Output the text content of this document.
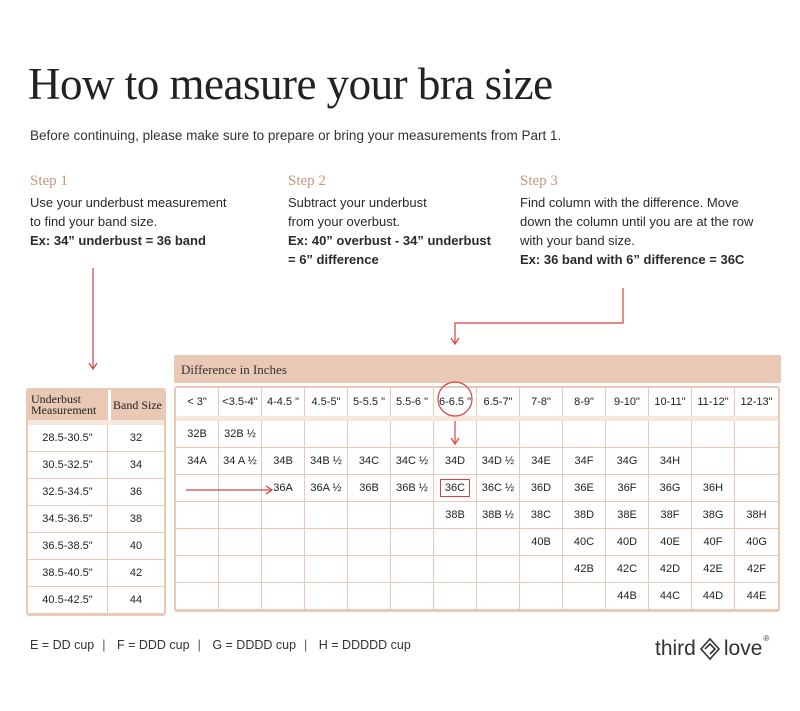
How to measure your bra size
Before continuing, please make sure to prepare or bring your measurements from Part 1.
Step 1
Use your underbust measurement
to find your band size.
Ex: 34” underbust = 36 band
Step 2
Subtract your underbust
from your overbust.
Ex: 40” overbust - 34” underbust
= 6” difference
Step 3
Find column with the difference. Move
down the column until you are at the row
with your band size.
Ex: 36 band with 6” difference = 36C
Difference in Inches
Underbust
Measurement	Band Size

28.5-30.5"	32
30.5-32.5"	34
32.5-34.5"	36
34.5-36.5"	38
36.5-38.5"	40
38.5-40.5"	42
40.5-42.5"	44
< 3"	<3.5-4"	4-4.5 "	4.5-5"	5-5.5 "	5.5-6 "	6-6.5 "	6.5-7"	7-8"	8-9"	9-10"	10-11"	11-12"	12-13"

32B	32B ½												
34A	34 A ½	34B	34B ½	34C	34C ½	34D	34D ½	34E	34F	34G	34H		
		36A	36A ½	36B	36B ½	36C	36C ½	36D	36E	36F	36G	36H	
						38B	38B ½	38C	38D	38E	38F	38G	38H
								40B	40C	40D	40E	40F	40G
									42B	42C	42D	42E	42F
										44B	44C	44D	44E
E = DD cup | F = DDD cup | G = DDDD cup | H = DDDDD cup	third love ®
